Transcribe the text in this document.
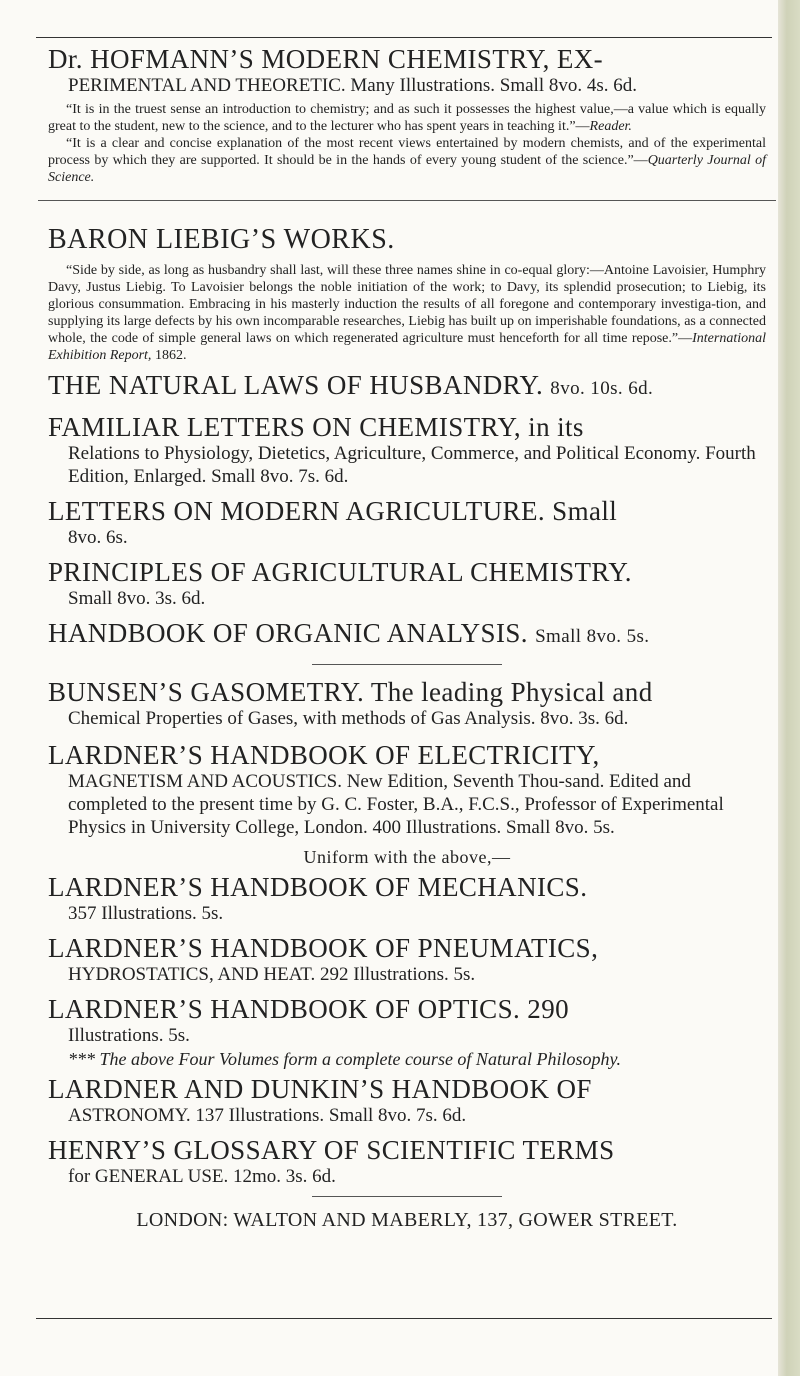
Dr. HOFMANN’S MODERN CHEMISTRY, EX-

PERIMENTAL AND THEORETIC. Many Illustrations. Small 8vo. 4s. 6d.

“It is in the truest sense an introduction to chemistry; and as such it possesses the highest value,—a value which is equally great to the student, new to the science, and to the lecturer who has spent years in teaching it.”—Reader.

“It is a clear and concise explanation of the most recent views entertained by modern chemists, and of the experimental process by which they are supported. It should be in the hands of every young student of the science.”—Quarterly Journal of Science.

BARON LIEBIG’S WORKS.

“Side by side, as long as husbandry shall last, will these three names shine in co-equal glory:—Antoine Lavoisier, Humphry Davy, Justus Liebig. To Lavoisier belongs the noble initiation of the work; to Davy, its splendid prosecution; to Liebig, its glorious consummation. Embracing in his masterly induction the results of all foregone and contemporary investiga-tion, and supplying its large defects by his own incomparable researches, Liebig has built up on imperishable foundations, as a connected whole, the code of simple general laws on which regenerated agriculture must henceforth for all time repose.”—International Exhibition Report, 1862.

THE NATURAL LAWS OF HUSBANDRY. 8vo. 10s. 6d.

FAMILIAR LETTERS ON CHEMISTRY, in its

Relations to Physiology, Dietetics, Agriculture, Commerce, and Political Economy. Fourth Edition, Enlarged. Small 8vo. 7s. 6d.

LETTERS ON MODERN AGRICULTURE. Small

8vo. 6s.

PRINCIPLES OF AGRICULTURAL CHEMISTRY.

Small 8vo. 3s. 6d.

HANDBOOK OF ORGANIC ANALYSIS. Small 8vo. 5s.

BUNSEN’S GASOMETRY. The leading Physical and

Chemical Properties of Gases, with methods of Gas Analysis. 8vo. 3s. 6d.

LARDNER’S HANDBOOK OF ELECTRICITY,

MAGNETISM AND ACOUSTICS. New Edition, Seventh Thou-sand. Edited and completed to the present time by G. C. Foster, B.A., F.C.S., Professor of Experimental Physics in University College, London. 400 Illustrations. Small 8vo. 5s.

Uniform with the above,—

LARDNER’S HANDBOOK OF MECHANICS.

357 Illustrations. 5s.

LARDNER’S HANDBOOK OF PNEUMATICS,

HYDROSTATICS, AND HEAT. 292 Illustrations. 5s.

LARDNER’S HANDBOOK OF OPTICS. 290

Illustrations. 5s.

*** The above Four Volumes form a complete course of Natural Philosophy.

LARDNER AND DUNKIN’S HANDBOOK OF

ASTRONOMY. 137 Illustrations. Small 8vo. 7s. 6d.

HENRY’S GLOSSARY OF SCIENTIFIC TERMS

for GENERAL USE. 12mo. 3s. 6d.

LONDON: WALTON AND MABERLY, 137, GOWER STREET.
